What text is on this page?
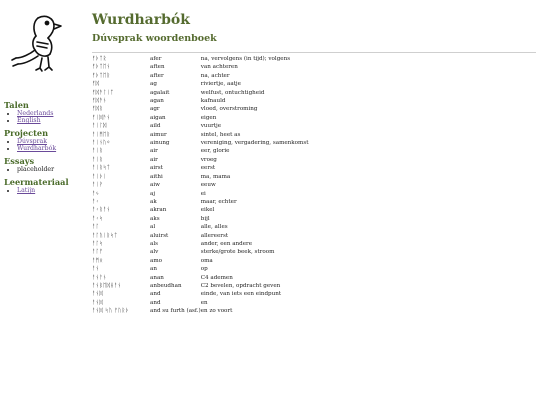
Talen
• Nederlands
• English
Projecten
• Dúvsprak
• Wurdharbók
Essays
• placeholder
Leermateriaal
• Latijn
Wurdharbók
Dúvsprak woordenboek
ᚠᚦᛏᚱ	afer	na, vervolgens (in tijd); volgens
ᚠᚦᛏᛖᚾ	aften	van achteren
ᚠᚦᛏᛖᚱ	after	na, achter
ᚠᛞ	ag	riviertje, aatje
ᚠᛞᚫᛚᛁᛏ	agalait	welfust, ontuchtigheid
ᚠᛞᚫᚾ	agan	kafnauld
ᚠᛞᚱ	agr	vloed, overstroming
ᚠᛁᛞᚫᚾ	aigan	eigen
ᚨᛁᛚᛞ	aild	vuurtje
ᚨᛁᛗᛖᚱ	aimur	sintel, heet as
ᚨᛁᚾᚢᛜ	ainung	vereniging, vergadering, samenkomst
ᚨᛁᚱ	air	eer, glorie
ᚨᛁᚱ	air	vroeg
ᚨᛁᚱᛋᛏ	airst	eerst
ᚨᛁᚦᛁ	aithi	ma, mama
ᚨᛁᚹ	aiw	eeuw
ᚨᛃ	aj	ei
ᚨᚲ	ak	maar, echter
ᚨᚲᚱᚨᚾ	akran	eikel
ᚨᚲᛋ	aks	bijl
ᚨᛚ	al	alle, alles
ᚨᛚᚢᛁᚱᛋᛏ	aluirst	allereerst
ᚨᛚᛋ	als	ander, een andere
ᚨᛚᚠ	alv	sterke/grote beek, stroom
ᚨᛗᛟ	amo	oma
ᚨᚾ	an	op
ᚨᚾᚨᚾ	anan	C4 ademen
ᚨᚾᛒᛖᛞᚺᚨᚾ	anbeudhan	C2 bevelen, opdracht geven
ᚨᚾᛞ	and	einde, van iets een eindpunt
ᚨᚾᛞ	and	en
ᚨᚾᛞ ᛋᚢ ᚠᚢᚱᚦ	and su furth (asf.)	en zo voort
